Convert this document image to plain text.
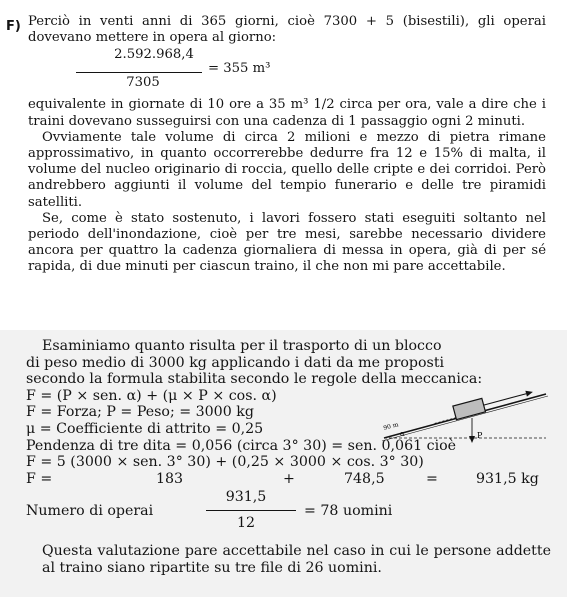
F) Perciò in venti anni di 365 giorni, cioè 7300 + 5 (bisestili), gli operai dovevano mettere in opera al giorno:

2.592.968,4
7305
= 355 m³

equivalente in giornate di 10 ore a 35 m³ 1/2 circa per ora, vale a dire che i traini dovevano susseguirsi con una cadenza di 1 passaggio ogni 2 minuti.

Ovviamente tale volume di circa 2 milioni e mezzo di pietra rimane approssimativo, in quanto occorrerebbe dedurre fra 12 e 15% di malta, il volume del nucleo originario di roccia, quello delle cripte e dei corridoi. Però andrebbero aggiunti il volume del tempio funerario e delle tre piramidi satelliti.

Se, come è stato sostenuto, i lavori fossero stati eseguiti soltanto nel periodo dell'inondazione, cioè per tre mesi, sarebbe necessario dividere ancora per quattro la cadenza giornaliera di messa in opera, già di per sé rapida, di due minuti per ciascun traino, il che non mi pare accettabile.

Esaminiamo quanto risulta per il trasporto di un blocco
di peso medio di 3000 kg applicando i dati da me proposti
secondo la formula stabilita secondo le regole della meccanica:
F = (P × sen. α) + (μ × P × cos. α)
F = Forza; P = Peso; = 3000 kg
μ = Coefficiente di attrito = 0,25
Pendenza di tre dita = 0,056 (circa 3° 30) = sen. 0,061 cioè
F = 5 (3000 × sen. 3° 30) + (0,25 × 3000 × cos. 3° 30)
F =	183	+	748,5	=	931,5 kg
Numero di operai
931,5
12
= 78 uomini
Questa valutazione pare accettabile nel caso in cui le persone addette al traino siano ripartite su tre file di 26 uomini.
P
α
90 m
